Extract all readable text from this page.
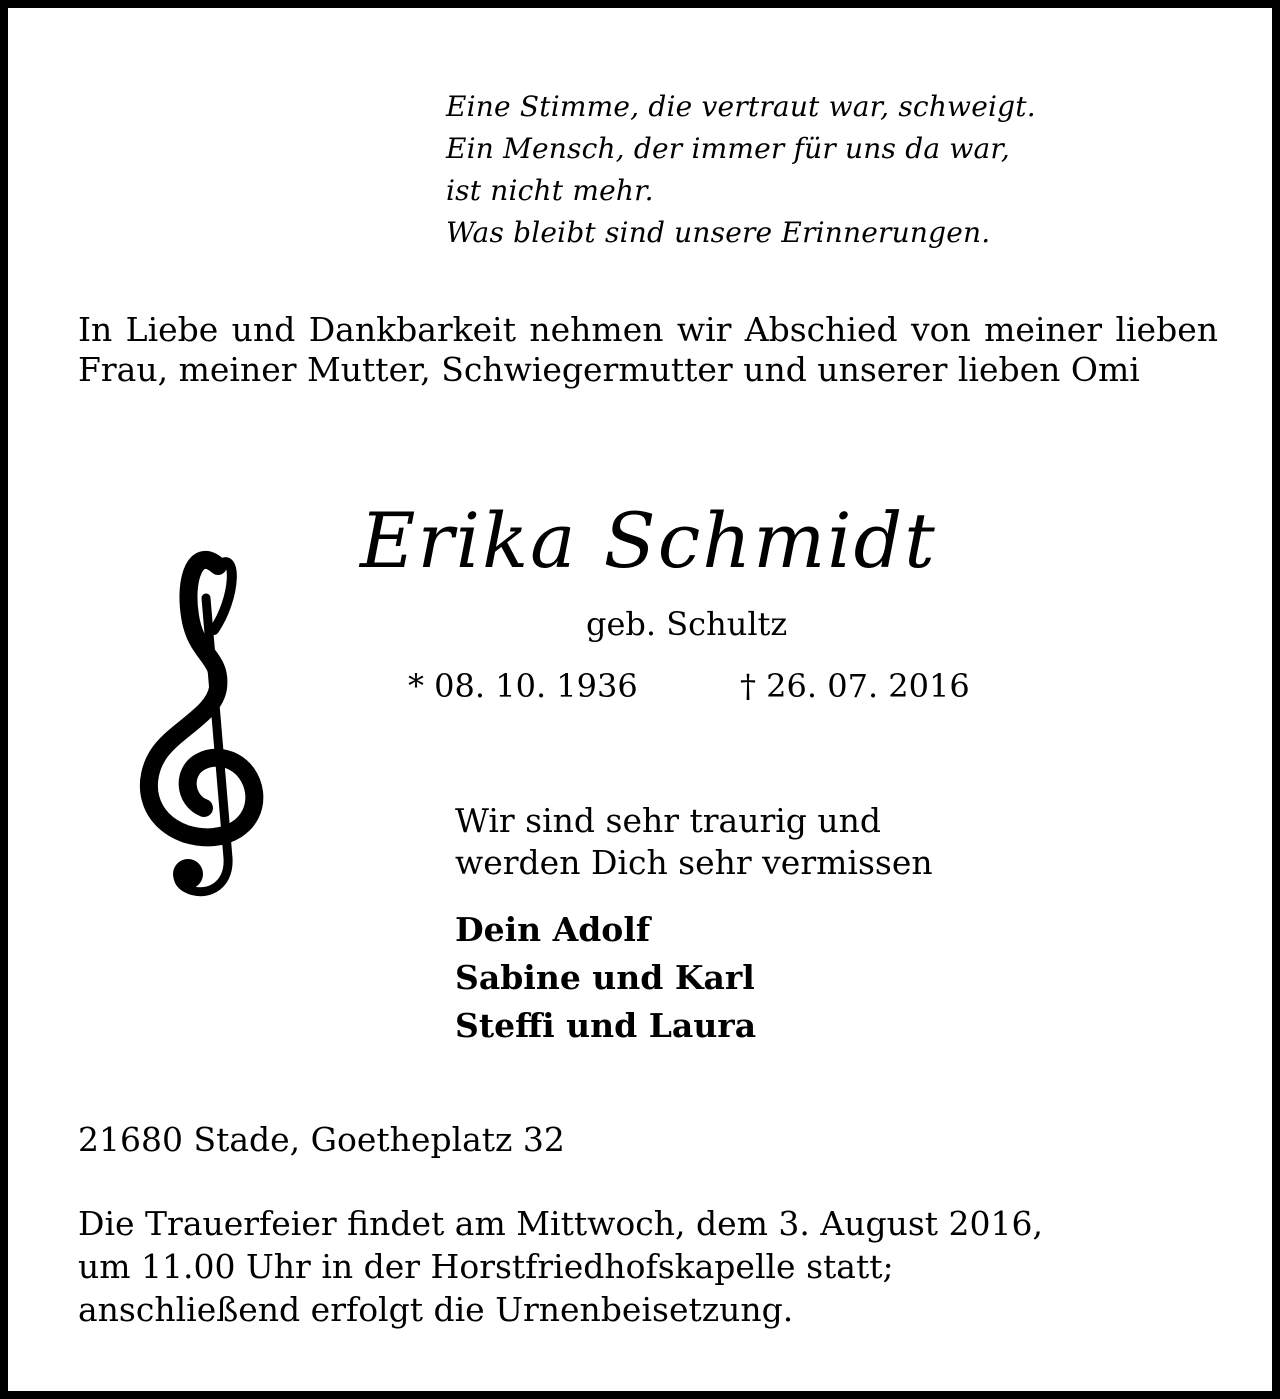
Eine Stimme, die vertraut war, schweigt.
Ein Mensch, der immer für uns da war,
ist nicht mehr.
Was bleibt sind unsere Erinnerungen.
In Liebe und Dankbarkeit nehmen wir Abschied von meiner lieben Frau, meiner Mutter, Schwiegermutter und unserer lieben Omi
Erika Schmidt
geb. Schultz
* 08. 10. 1936	† 26. 07. 2016
Wir sind sehr traurig und
werden Dich sehr vermissen
Dein Adolf
Sabine und Karl
Steffi und Laura
21680 Stade, Goetheplatz 32
Die Trauerfeier findet am Mittwoch, dem 3. August 2016,
um 11.00 Uhr in der Horstfriedhofskapelle statt;
anschließend erfolgt die Urnenbeisetzung.
